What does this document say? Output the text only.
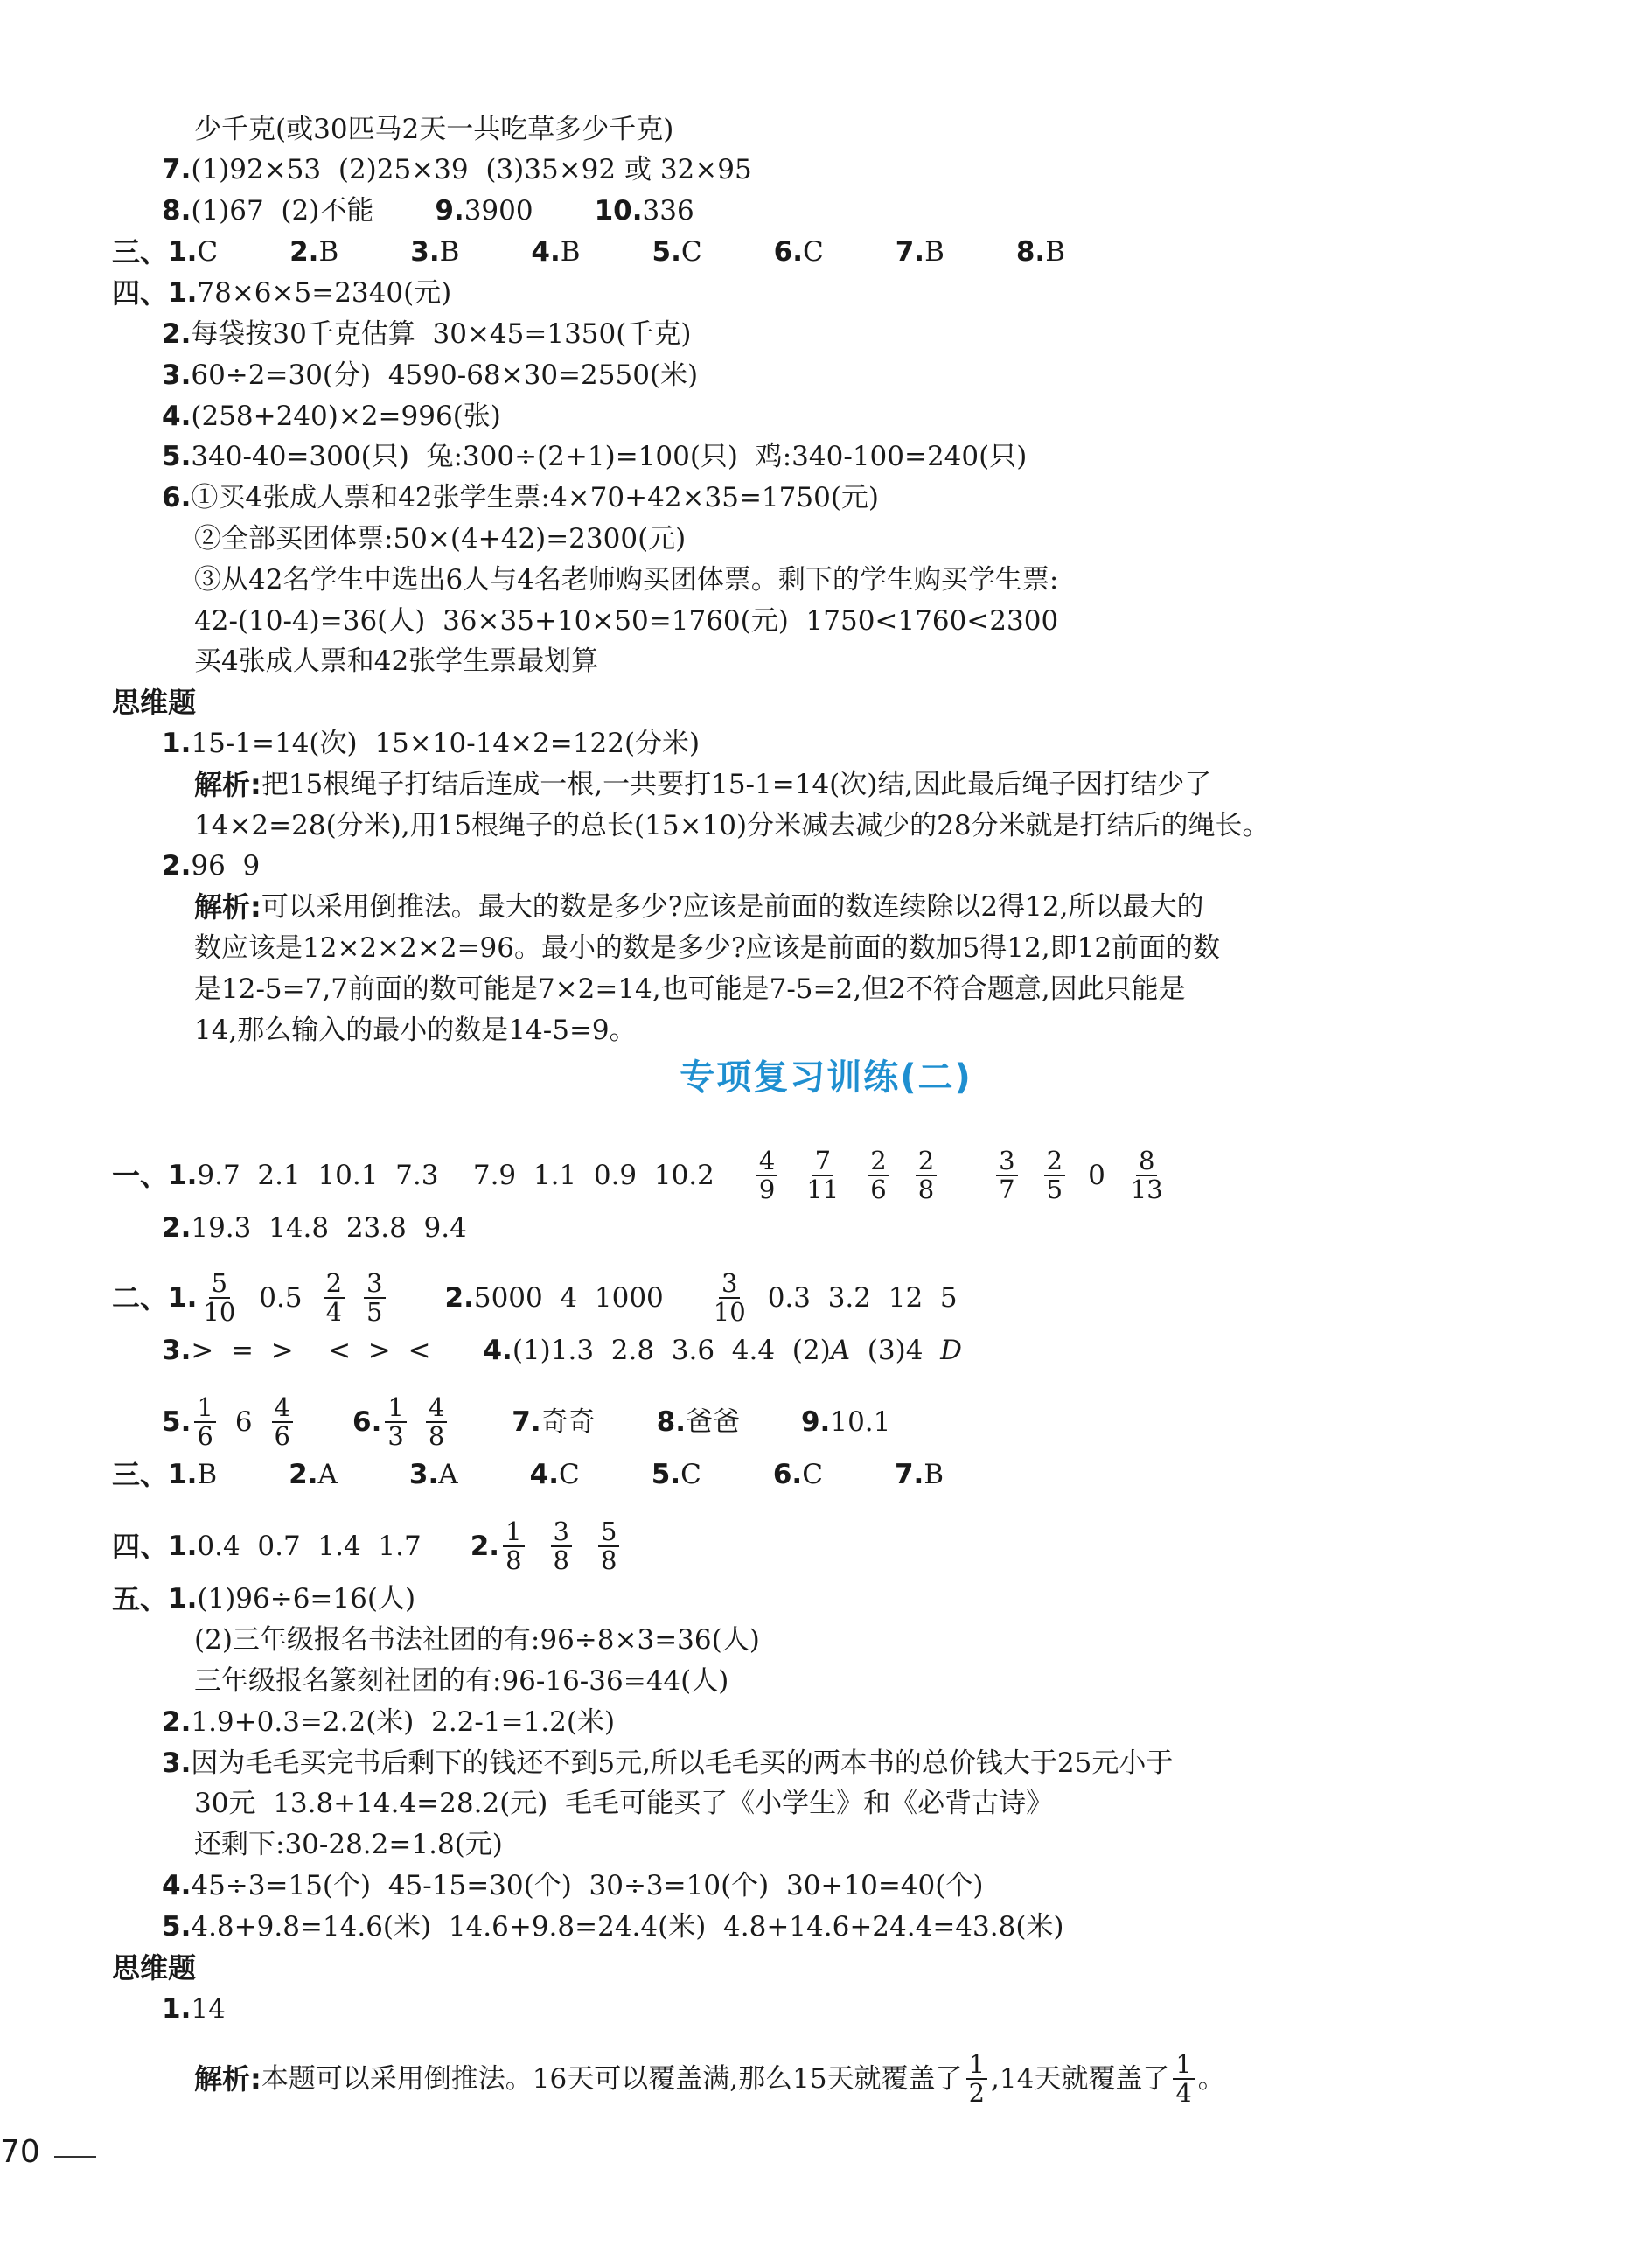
少千克(或30匹马2天一共吃草多少千克)
7. (1)92×53  (2)25×39  (3)35×92 或 32×95
8. (1)67  (2)不能 9. 3900 10. 336
三、 1. C	2. B	3. B	4. B	5. C	6. C	7. B	8. B
四、 1. 78×6×5=2340(元)
2. 每袋按30千克估算  30×45=1350(千克)
3. 60÷2=30(分)  4590-68×30=2550(米)
4. (258+240)×2=996(张)
5. 340-40=300(只)  兔:300÷(2+1)=100(只)  鸡:340-100=240(只)
6. ①买4张成人票和42张学生票:4×70+42×35=1750(元)
②全部买团体票:50×(4+42)=2300(元)
③从42名学生中选出6人与4名老师购买团体票。剩下的学生购买学生票:
42-(10-4)=36(人)  36×35+10×50=1760(元)  1750<1760<2300
买4张成人票和42张学生票最划算
思维题
1. 15-1=14(次)  15×10-14×2=122(分米)
解析: 把15根绳子打结后连成一根,一共要打15-1=14(次)结,因此最后绳子因打结少了
14×2=28(分米),用15根绳子的总长(15×10)分米减去减少的28分米就是打结后的绳长。
2. 96  9
解析: 可以采用倒推法。最大的数是多少?应该是前面的数连续除以2得12,所以最大的
数应该是12×2×2×2=96。最小的数是多少?应该是前面的数加5得12,即12前面的数
是12-5=7,7前面的数可能是7×2=14,也可能是7-5=2,但2不符合题意,因此只能是
14,那么输入的最小的数是14-5=9。
专项复习训练(二)
一、 1. 9.7  2.1  10.1  7.3    7.9  1.1  0.9  10.2 4
9
7
11
2
6
2
8
3
7
2
5 0 8
13
2. 19.3  14.8  23.8  9.4
二、 1. 5
10 0.5 2
4
3
5 2. 5000  4  1000 3
10 0.3  3.2  12  5
3. >  =  >    <  >  < 4. (1)1.3  2.8  3.6  4.4  (2) A (3)4 D
5. 1
6 6 4
6 6. 1
3
4
8 7. 奇奇 8. 爸爸 9. 10.1
三、 1. B	2. A	3. A	4. C	5. C	6. C	7. B
四、 1. 0.4  0.7  1.4  1.7 2. 1
8
3
8
5
8
五、 1. (1)96÷6=16(人)
(2)三年级报名书法社团的有:96÷8×3=36(人)
三年级报名篆刻社团的有:96-16-36=44(人)
2. 1.9+0.3=2.2(米)  2.2-1=1.2(米)
3. 因为毛毛买完书后剩下的钱还不到5元,所以毛毛买的两本书的总价钱大于25元小于
30元  13.8+14.4=28.2(元)  毛毛可能买了《小学生》和《必背古诗》
还剩下:30-28.2=1.8(元)
4. 45÷3=15(个)  45-15=30(个)  30÷3=10(个)  30+10=40(个)
5. 4.8+9.8=14.6(米)  14.6+9.8=24.4(米)  4.8+14.6+24.4=43.8(米)
思维题
1. 14
解析: 本题可以采用倒推法。16天可以覆盖满,那么15天就覆盖了 1
2 ,14天就覆盖了 1
4 。
70
